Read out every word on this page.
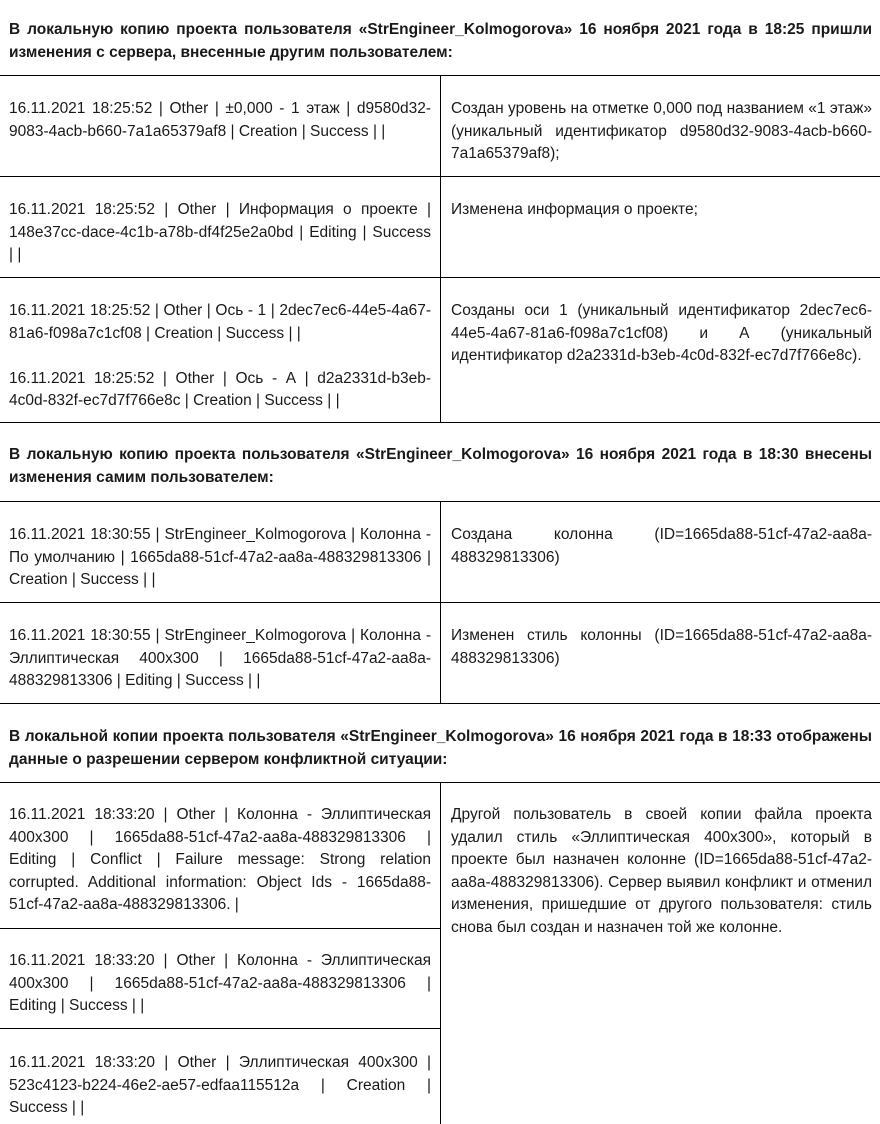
В локальную копию проекта пользователя «StrEngineer_Kolmogorova» 16 ноября 2021 года в 18:25 пришли изменения с сервера, внесенные другим пользователем:

16.11.2021 18:25:52 | Other | ±0,000 - 1 этаж | d9580d32-9083-4acb-b660-7a1a65379af8 | Creation | Success | |

Создан уровень на отметке 0,000 под названием «1 этаж» (уникальный идентификатор d9580d32-9083-4acb-b660-7a1a65379af8);

16.11.2021 18:25:52 | Other | Информация о проекте | 148e37cc-dace-4c1b-a78b-df4f25e2a0bd | Editing | Success | |

Изменена информация о проекте;

16.11.2021 18:25:52 | Other | Ось - 1 | 2dec7ec6-44e5-4a67-81a6-f098a7c1cf08 | Creation | Success | |

16.11.2021 18:25:52 | Other | Ось - А | d2a2331d-b3eb-4c0d-832f-ec7d7f766e8c | Creation | Success | |

Созданы оси 1 (уникальный идентификатор 2dec7ec6-44e5-4a67-81a6-f098a7c1cf08) и А (уникальный идентификатор d2a2331d-b3eb-4c0d-832f-ec7d7f766e8c).
В локальную копию проекта пользователя «StrEngineer_Kolmogorova» 16 ноября 2021 года в 18:30 внесены изменения самим пользователем:

16.11.2021 18:30:55 | StrEngineer_Kolmogorova | Колонна - По умолчанию | 1665da88-51cf-47a2-aa8a-488329813306 | Creation | Success | |

Создана колонна (ID=1665da88-51cf-47a2-aa8a-488329813306)

16.11.2021 18:30:55 | StrEngineer_Kolmogorova | Колонна - Эллиптическая 400x300 | 1665da88-51cf-47a2-aa8a-488329813306 | Editing | Success | |

Изменен стиль колонны (ID=1665da88-51cf-47a2-aa8a-488329813306)
В локальной копии проекта пользователя «StrEngineer_Kolmogorova» 16 ноября 2021 года в 18:33 отображены данные о разрешении сервером конфликтной ситуации:

16.11.2021 18:33:20 | Other | Колонна - Эллиптическая 400x300 | 1665da88-51cf-47a2-aa8a-488329813306 | Editing | Conflict | Failure message: Strong relation corrupted. Additional information: Object Ids - 1665da88-51cf-47a2-aa8a-488329813306. |

Другой пользователь в своей копии файла проекта удалил стиль «Эллиптическая 400x300», который в проекте был назначен колонне (ID=1665da88-51cf-47a2-aa8a-488329813306). Сервер выявил конфликт и отменил изменения, пришедшие от другого пользователя: стиль снова был создан и назначен той же колонне.

16.11.2021 18:33:20 | Other | Колонна - Эллиптическая 400x300 | 1665da88-51cf-47a2-aa8a-488329813306 | Editing | Success | |

16.11.2021 18:33:20 | Other | Эллиптическая 400x300 | 523c4123-b224-46e2-ae57-edfaa115512a | Creation | Success | |
